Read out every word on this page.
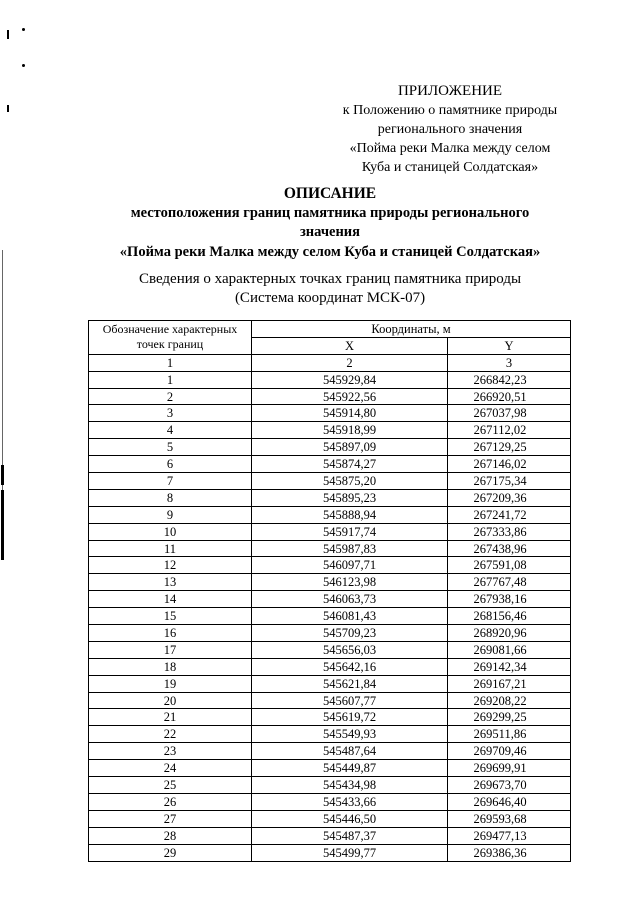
ПРИЛОЖЕНИЕ
к Положению о памятнике природы
регионального значения
«Пойма реки Малка между селом
Куба и станицей Солдатская»
ОПИСАНИЕ
местоположения границ памятника природы регионального
значения
«Пойма реки Малка между селом Куба и станицей Солдатская»
Сведения о характерных точках границ памятника природы
(Система координат МСК-07)
Обозначение характерных точек границ	Координаты, м	
	X	Y
1	2	3
1	545929,84	266842,23
2	545922,56	266920,51
3	545914,80	267037,98
4	545918,99	267112,02
5	545897,09	267129,25
6	545874,27	267146,02
7	545875,20	267175,34
8	545895,23	267209,36
9	545888,94	267241,72
10	545917,74	267333,86
11	545987,83	267438,96
12	546097,71	267591,08
13	546123,98	267767,48
14	546063,73	267938,16
15	546081,43	268156,46
16	545709,23	268920,96
17	545656,03	269081,66
18	545642,16	269142,34
19	545621,84	269167,21
20	545607,77	269208,22
21	545619,72	269299,25
22	545549,93	269511,86
23	545487,64	269709,46
24	545449,87	269699,91
25	545434,98	269673,70
26	545433,66	269646,40
27	545446,50	269593,68
28	545487,37	269477,13
29	545499,77	269386,36
